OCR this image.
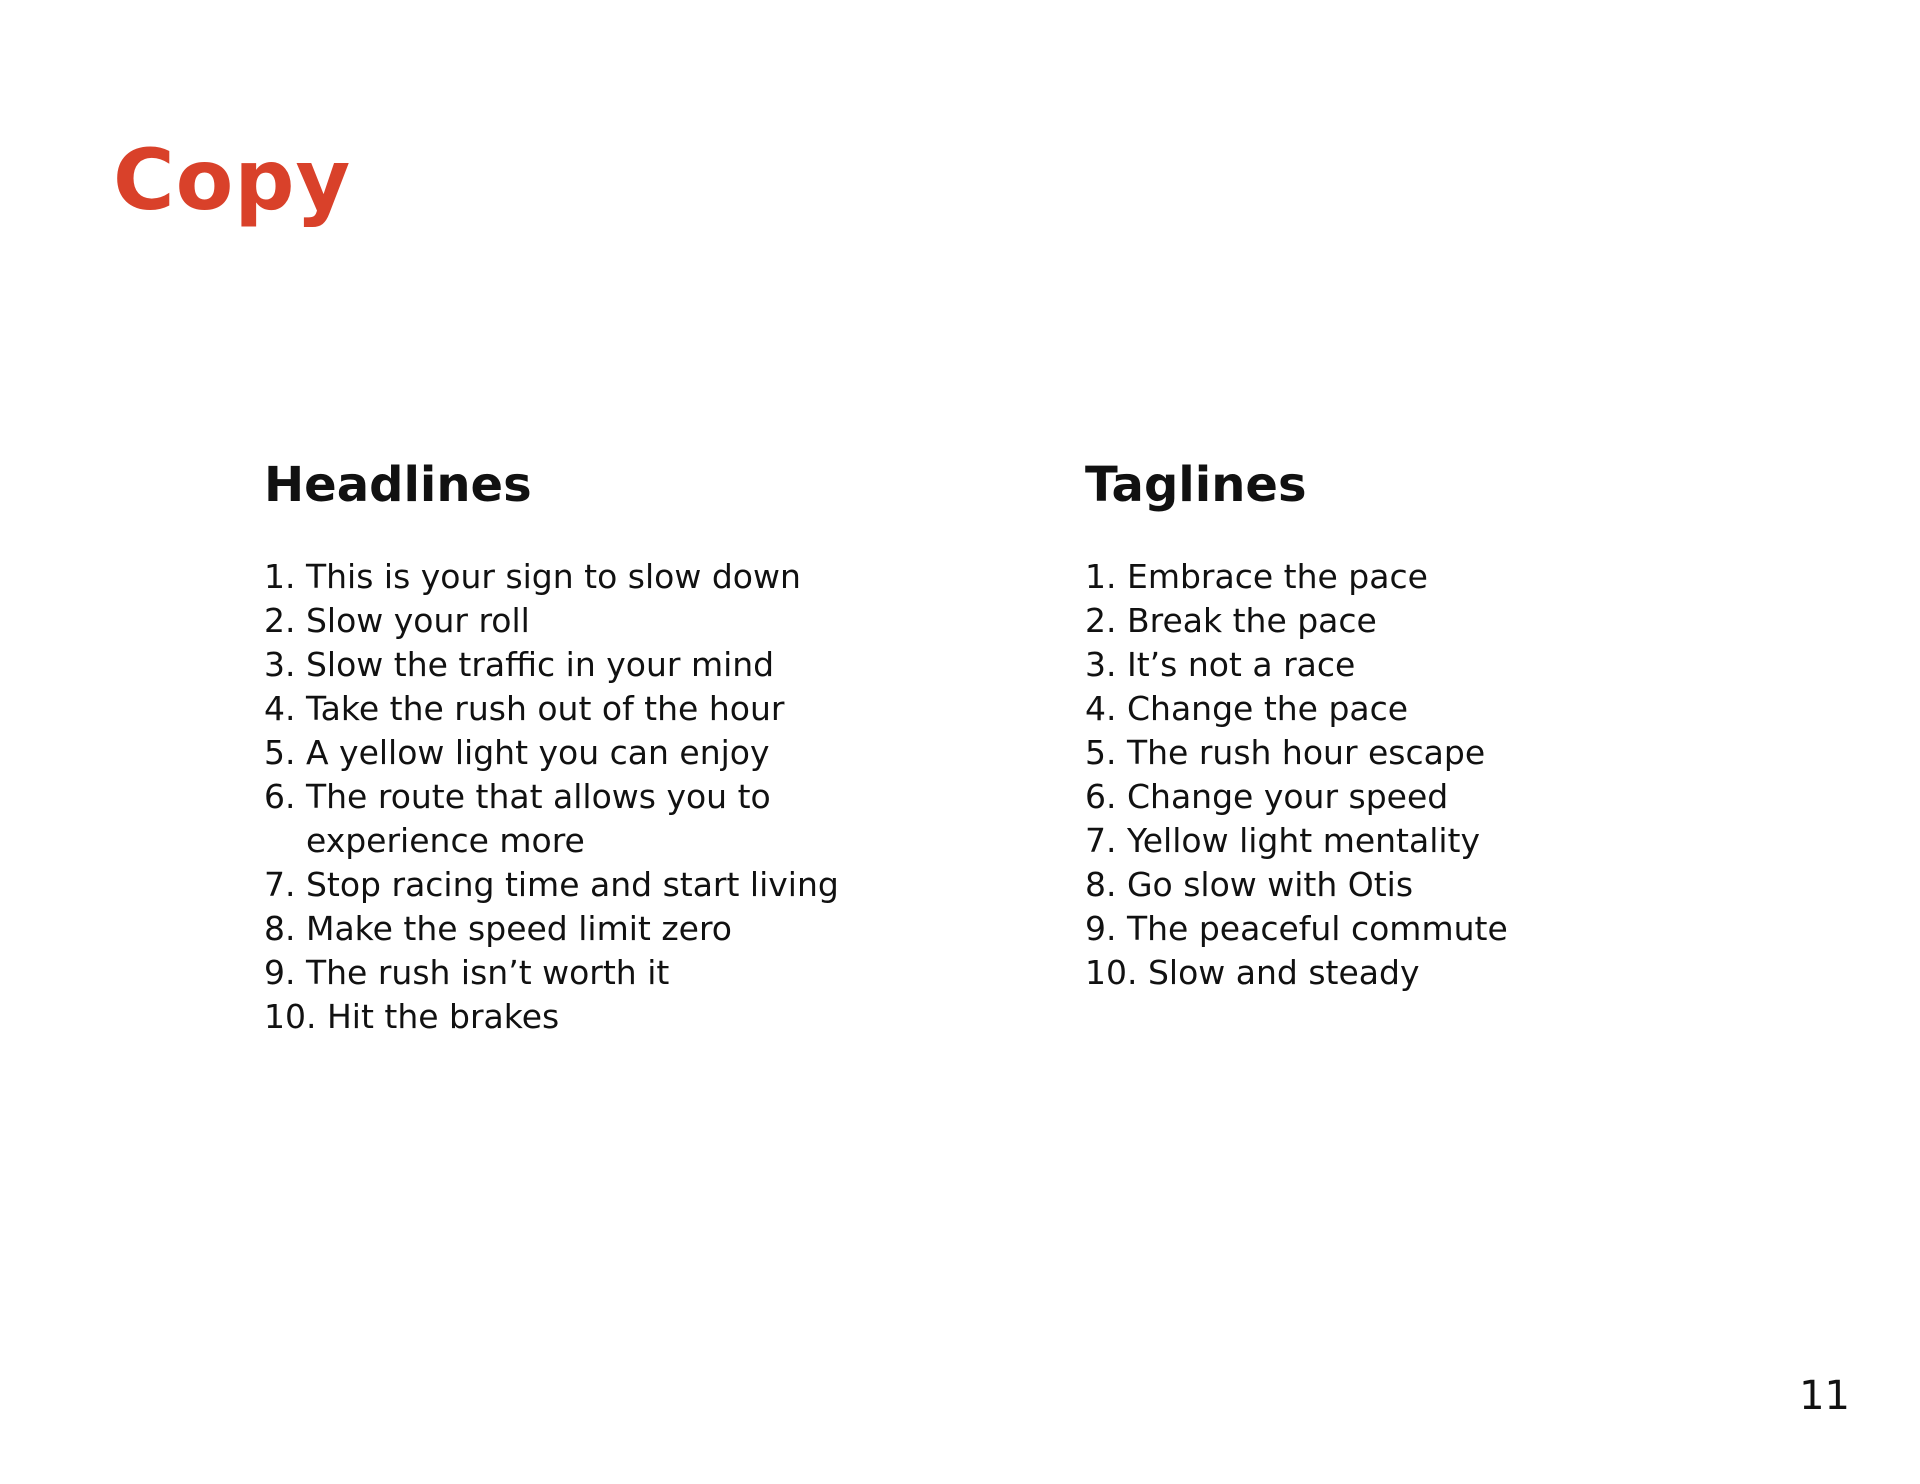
Copy
Headlines
1. This is your sign to slow down
2. Slow your roll
3. Slow the traffic in your mind
4. Take the rush out of the hour
5. A yellow light you can enjoy
6. The route that allows you to experience more
7. Stop racing time and start living
8. Make the speed limit zero
9. The rush isn’t worth it
10. Hit the brakes
Taglines
1. Embrace the pace
2. Break the pace
3. It’s not a race
4. Change the pace
5. The rush hour escape
6. Change your speed
7. Yellow light mentality
8. Go slow with Otis
9. The peaceful commute
10. Slow and steady
11
